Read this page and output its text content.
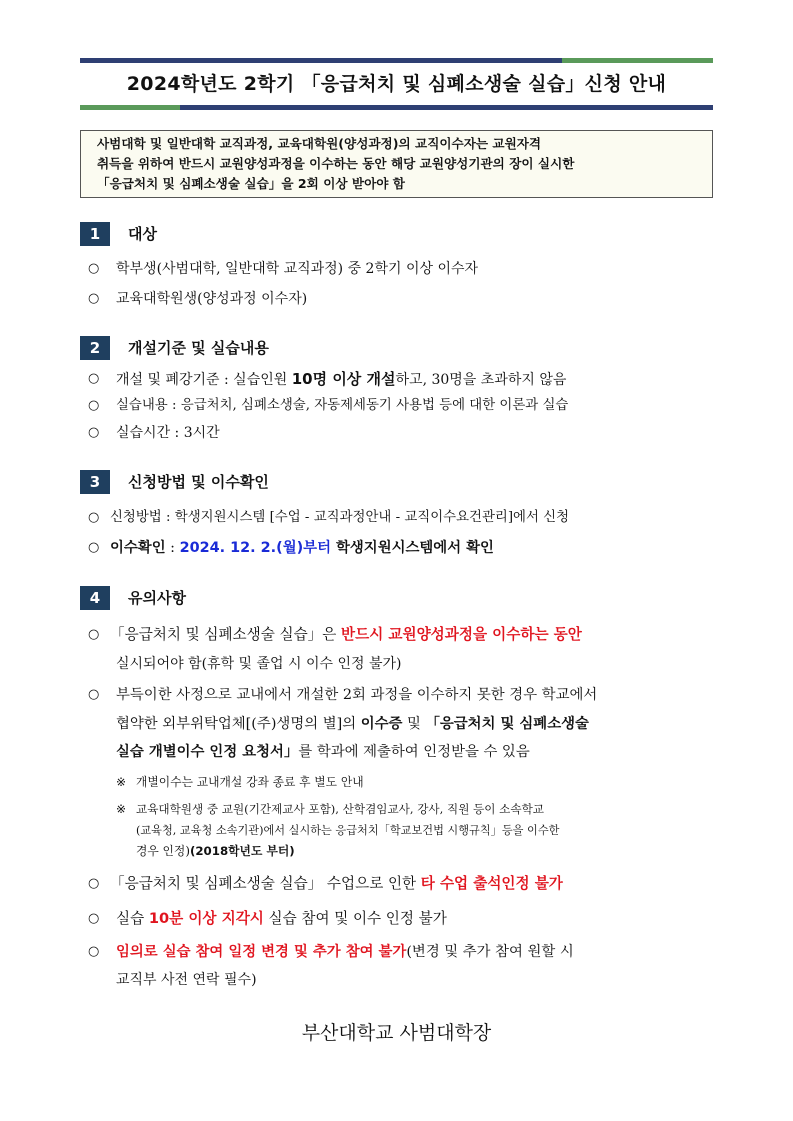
2024학년도 2학기 「응급처치 및 심폐소생술 실습」신청 안내
사범대학 및 일반대학 교직과정, 교육대학원(양성과정)의 교직이수자는 교원자격
취득을 위하여 반드시 교원양성과정을 이수하는 동안 해당 교원양성기관의 장이 실시한
「응급처치 및 심폐소생술 실습」을 2회 이상 받아야 함
1	대상
○ 학부생(사범대학, 일반대학 교직과정) 중 2학기 이상 이수자
○ 교육대학원생(양성과정 이수자)
2	개설기준 및 실습내용
○ 개설 및 폐강기준 : 실습인원 10명 이상 개설하고, 30명을 초과하지 않음
○ 실습내용 : 응급처치, 심폐소생술, 자동제세동기 사용법 등에 대한 이론과 실습
○ 실습시간 : 3시간
3	신청방법 및 이수확인
○ 신청방법 : 학생지원시스템 [수업 - 교직과정안내 - 교직이수요건관리]에서 신청
○ 이수확인 : 2024. 12. 2.(월)부터 학생지원시스템에서 확인
4	유의사항
○ 「응급처치 및 심폐소생술 실습」은 반드시 교원양성과정을 이수하는 동안
실시되어야 함(휴학 및 졸업 시 이수 인정 불가)
○ 부득이한 사정으로 교내에서 개설한 2회 과정을 이수하지 못한 경우 학교에서
협약한 외부위탁업체[(주)생명의 별]의 이수증 및 「응급처치 및 심폐소생술
실습 개별이수 인정 요청서」를 학과에 제출하여 인정받을 수 있음
※ 개별이수는 교내개설 강좌 종료 후 별도 안내
※ 교육대학원생 중 교원(기간제교사 포함), 산학겸임교사, 강사, 직원 등이 소속학교
(교육청, 교육청 소속기관)에서 실시하는 응급처치「학교보건법 시행규칙」등을 이수한
경우 인정)(2018학년도 부터)
○ 「응급처치 및 심폐소생술 실습」 수업으로 인한 타 수업 출석인정 불가
○ 실습 10분 이상 지각시 실습 참여 및 이수 인정 불가
○ 임의로 실습 참여 일정 변경 및 추가 참여 불가(변경 및 추가 참여 원할 시
교직부 사전 연락 필수)
부산대학교 사범대학장
